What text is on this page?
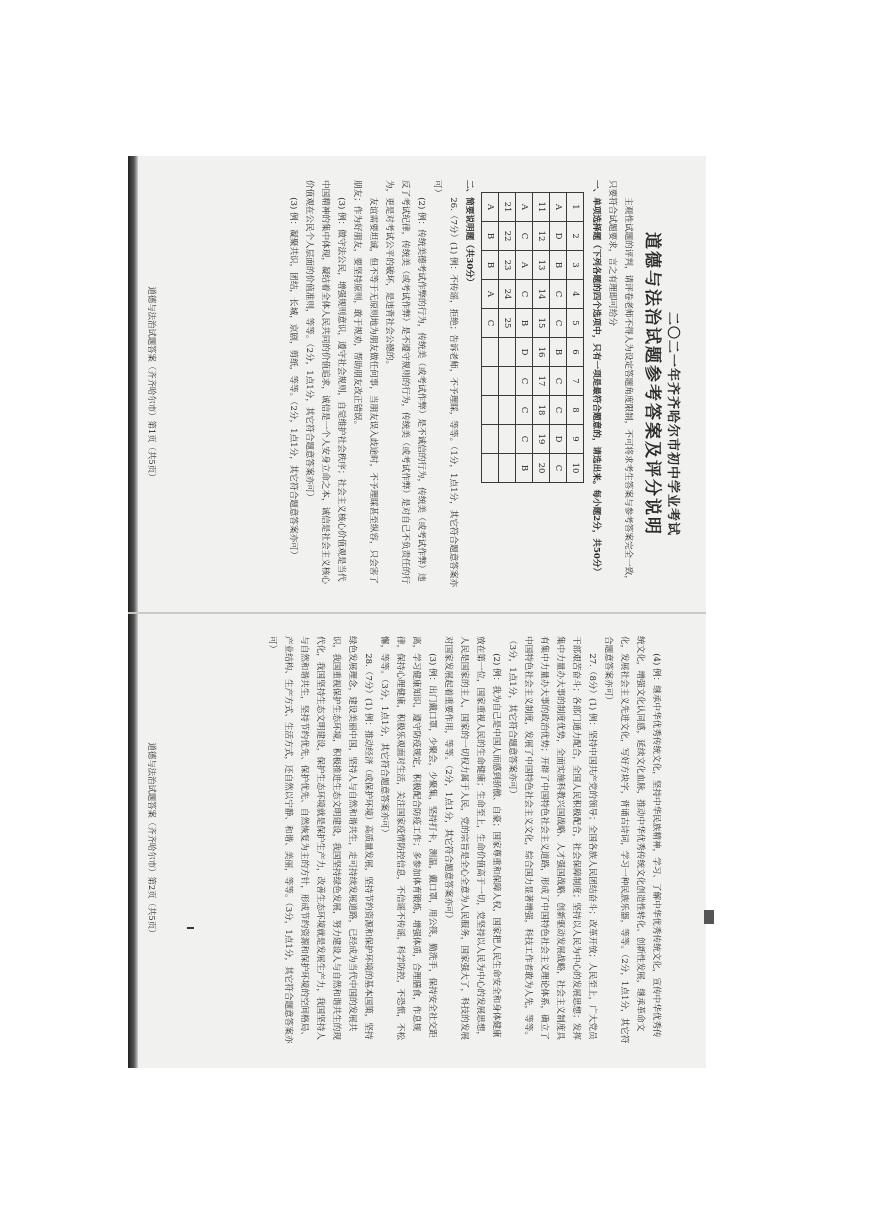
二〇二一年齐齐哈尔市初中学业考试
道德与法治试题参考答案及评分说明

主观性试题的评判，请评卷老师不得人为设定答题角度限制，不可将求考生答案与参考答案完全一致，只要符合试题要求，言之有理即可给分

一、单项选择题（下列各题的四个选项中，只有一项是最符合题意的，请选出来。每小题2分，共50分）

1	2	3	4	5	6	7	8	9	10
A	D	B	C	C	B	C	C	D	C
11	12	13	14	15	16	17	18	19	20
A	C	A	C	B	D	C	C	C	B
21	22	23	24	25					
A	B	B	A	C					

二、简要说明题（共30分）

26.（7分）(1) 例：不传谣，拒绝；告诉老师，不予理睬，等等。（1分，1点1分，其它符合题意答案亦可）

(2) 例：传统美德考试作弊的行为，传统美（或考试作弊）是不诚信的行为，传统美（或考试作弊）违反了考试纪律，传统美（或考试作弊）是不遵守规则的行为，传统美（或考试作弊）是对自己不负责任的行为，更是对考试公平的破坏，是违背社会公德的。

友谊需要坦诚，但不等于无原则地为朋友做任何事，当朋友误入歧途时，不予理睬甚至纵容，只会害了朋友；作为好朋友，要坚持原则，敢于规劝，帮助朋友改正错误。

(3) 例：做守法公民，增强规则意识，遵守社会规则，自觉维护社会秩序；社会主义核心价值观是当代中国精神的集中体现，凝结着全体人民共同的价值追求，诚信是一个人安身立命之本，诚信是社会主义核心价值观在公民个人层面的价值准则，等等。（2分，1点1分，其它符合题意答案亦可）

(3) 例：凝聚共识，团结，长城，京剧，剪纸，等等。（2分，1点1分，其它符合题意答案亦可）

道德与法治试题答案（齐齐哈尔市）第1页（共5页）

(4) 例：继承中华优秀传统文化，坚持中华民族精神，学习、了解中华优秀传统文化，宣传中华优秀传统文化，增强文化认同感，延续文化血脉，推动中华优秀传统文化创造性转化、创新性发展，继承革命文化，发展社会主义先进文化，写好方块字，背诵古诗词，学习一种民族乐器，等等。（2分，1点1分，其它符合题意答案亦可）

27.（8分）(1) 例：坚持中国共产党的领导；全国各族人民团结奋斗；改革开放；人民至上，广大党员干部艰苦奋斗；各部门通力配合，全国人民积极配合，社会保障制度；坚持以人民为中心的发展思想；发挥集中力量办大事的制度优势，全面实施科教兴国战略、人才强国战略、创新驱动发展战略，社会主义制度具有集中力量办大事的政治优势；开辟了中国特色社会主义道路，形成了中国特色社会主义理论体系，确立了中国特色社会主义制度，发展了中国特色社会主义文化，综合国力显著增强，科技工作者敢为人先，等等。（3分，1点1分，其它符合题意答案亦可）

(2) 例：我为自己是中国人而感到骄傲、自豪；国家尊重和保障人权，国家把人民生命安全和身体健康放在第一位，国家重视人民的生命健康；生命至上，生命价值高于一切，党坚持以人民为中心的发展思想，人民是国家的主人，国家的一切权力属于人民，党的宗旨是全心全意为人民服务，国家强大了，科技的发展对国家发展起着重要作用，等等。（2分，1点1分，其它符合题意答案亦可）

(3) 例：出门戴口罩，少聚会，少聚集，坚持打卡，测温，戴口罩，用公筷，勤洗手，保持安全社交距离，学习健康知识，遵守防疫规定，积极配合防疫工作；多参加体育锻炼，增强体质，合理膳食，作息规律，保持心理健康，积极乐观面对生活，关注国家疫情防控信息，不信谣不传谣，科学防控，不恐慌，不松懈，等等。（3分，1点1分，其它符合题意答案亦可）

28.（7分）(1) 例：推动经济（或保护环境）高质量发展，坚持节约资源和保护环境的基本国策，坚持绿色发展理念，建设美丽中国，坚持人与自然和谐共生，走可持续发展道路，已经成为当代中国的发展共识，我国重视保护生态环境，积极推进生态文明建设，我国坚持绿色发展，努力建设人与自然和谐共生的现代化，我国坚持生态文明建设，保护生态环境就是保护生产力，改善生态环境就是发展生产力，我国坚持人与自然和谐共生，坚持节约优先、保护优先、自然恢复为主的方针，形成节约资源和保护环境的空间格局、产业结构、生产方式、生活方式，还自然以宁静、和谐、美丽，等等。（3分，1点1分，其它符合题意答案亦可）

道德与法治试题答案（齐齐哈尔市）第2页（共5页）
